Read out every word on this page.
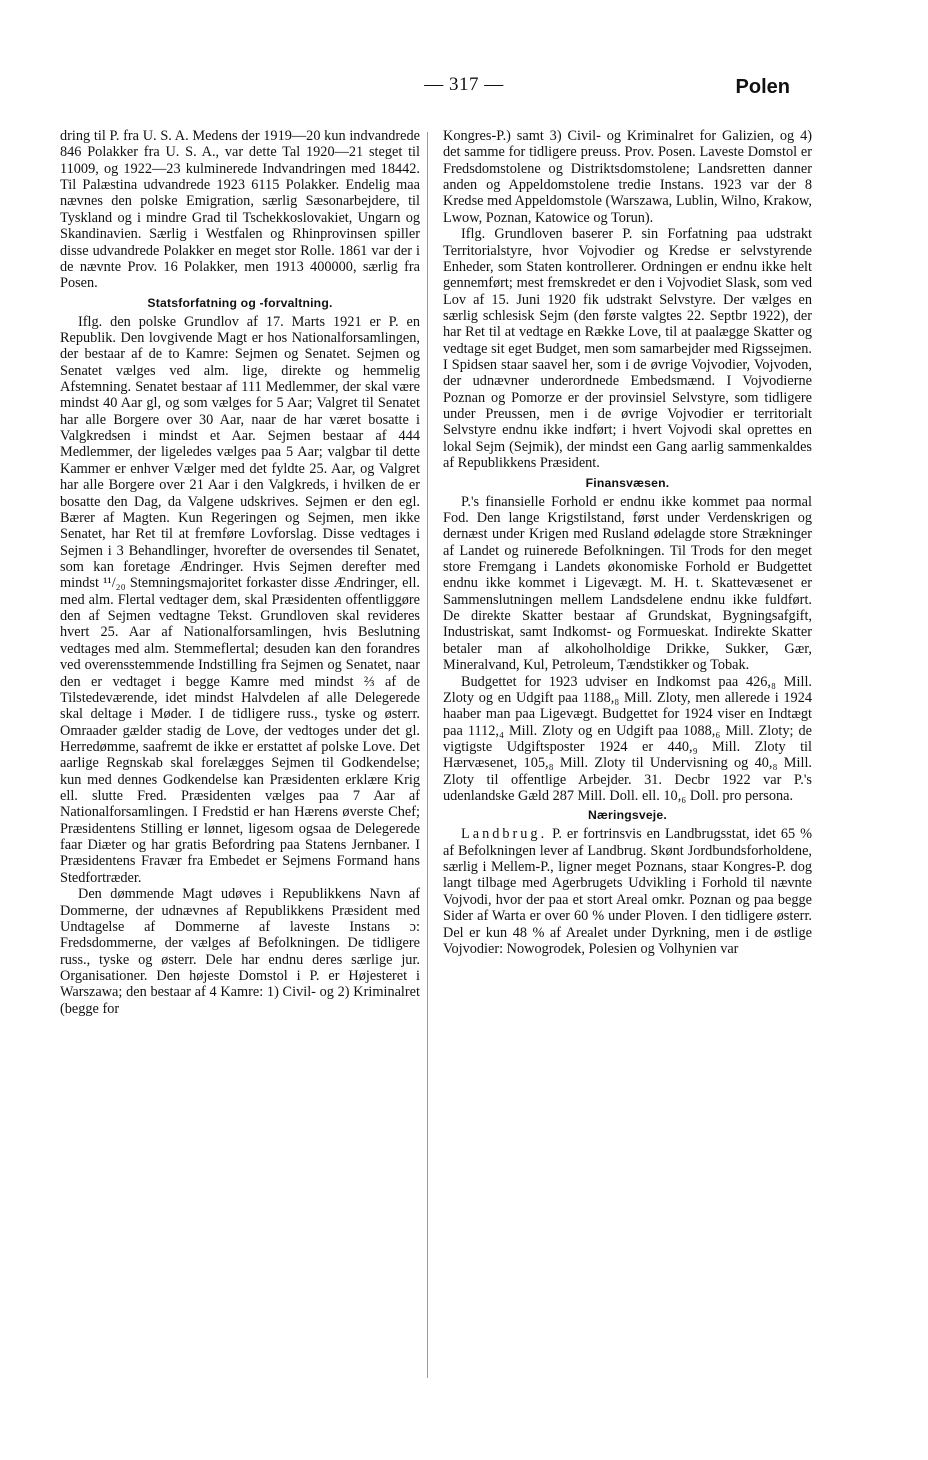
— 317 —	Polen

dring til P. fra U. S. A. Medens der 1919—20 kun indvandrede 846 Polakker fra U. S. A., var dette Tal 1920—21 steget til 11009, og 1922—23 kulminerede Indvandringen med 18442. Til Palæstina udvandrede 1923 6115 Polakker. Endelig maa nævnes den polske Emigration, særlig Sæsonarbejdere, til Tyskland og i mindre Grad til Tschekkoslovakiet, Ungarn og Skandinavien. Særlig i Westfalen og Rhinprovinsen spiller disse udvandrede Polakker en meget stor Rolle. 1861 var der i de nævnte Prov. 16 Polakker, men 1913 400000, særlig fra Posen.

Statsforfatning og -forvaltning.

Iflg. den polske Grundlov af 17. Marts 1921 er P. en Republik. Den lovgivende Magt er hos Nationalforsamlingen, der bestaar af de to Kamre: Sejmen og Senatet. Sejmen og Senatet vælges ved alm. lige, direkte og hemmelig Afstemning. Senatet bestaar af 111 Medlemmer, der skal være mindst 40 Aar gl, og som vælges for 5 Aar; Valgret til Senatet har alle Borgere over 30 Aar, naar de har været bosatte i Valgkredsen i mindst et Aar. Sejmen bestaar af 444 Medlemmer, der ligeledes vælges paa 5 Aar; valgbar til dette Kammer er enhver Vælger med det fyldte 25. Aar, og Valgret har alle Borgere over 21 Aar i den Valgkreds, i hvilken de er bosatte den Dag, da Valgene udskrives. Sejmen er den egl. Bærer af Magten. Kun Regeringen og Sejmen, men ikke Senatet, har Ret til at fremføre Lovforslag. Disse vedtages i Sejmen i 3 Behandlinger, hvorefter de oversendes til Senatet, som kan foretage Ændringer. Hvis Sejmen derefter med mindst ¹¹/₂₀ Stemningsmajoritet forkaster disse Ændringer, ell. med alm. Flertal vedtager dem, skal Præsidenten offentliggøre den af Sejmen vedtagne Tekst. Grundloven skal revideres hvert 25. Aar af Nationalforsamlingen, hvis Beslutning vedtages med alm. Stemmeflertal; desuden kan den forandres ved overensstemmende Indstilling fra Sejmen og Senatet, naar den er vedtaget i begge Kamre med mindst ⅔ af de Tilstedeværende, idet mindst Halvdelen af alle Delegerede skal deltage i Møder. I de tidligere russ., tyske og østerr. Omraader gælder stadig de Love, der vedtoges under det gl. Herredømme, saafremt de ikke er erstattet af polske Love. Det aarlige Regnskab skal forelægges Sejmen til Godkendelse; kun med dennes Godkendelse kan Præsidenten erklære Krig ell. slutte Fred. Præsidenten vælges paa 7 Aar af Nationalforsamlingen. I Fredstid er han Hærens øverste Chef; Præsidentens Stilling er lønnet, ligesom ogsaa de Delegerede faar Diæter og har gratis Befordring paa Statens Jernbaner. I Præsidentens Fravær fra Embedet er Sejmens Formand hans Stedfortræder.

Den dømmende Magt udøves i Republikkens Navn af Dommerne, der udnævnes af Republikkens Præsident med Undtagelse af Dommerne af laveste Instans ɔ: Fredsdommerne, der vælges af Befolkningen. De tidligere russ., tyske og østerr. Dele har endnu deres særlige jur. Organisationer. Den højeste Domstol i P. er Højesteret i Warszawa; den bestaar af 4 Kamre: 1) Civil- og 2) Kriminalret (begge for

Kongres-P.) samt 3) Civil- og Kriminalret for Galizien, og 4) det samme for tidligere preuss. Prov. Posen. Laveste Domstol er Fredsdomstolene og Distriktsdomstolene; Landsretten danner anden og Appeldomstolene tredie Instans. 1923 var der 8 Kredse med Appeldomstole (Warszawa, Lublin, Wilno, Krakow, Lwow, Poznan, Katowice og Torun).

Iflg. Grundloven baserer P. sin Forfatning paa udstrakt Territorialstyre, hvor Vojvodier og Kredse er selvstyrende Enheder, som Staten kontrollerer. Ordningen er endnu ikke helt gennemført; mest fremskredet er den i Vojvodiet Slask, som ved Lov af 15. Juni 1920 fik udstrakt Selvstyre. Der vælges en særlig schlesisk Sejm (den første valgtes 22. Septbr 1922), der har Ret til at vedtage en Række Love, til at paalægge Skatter og vedtage sit eget Budget, men som samarbejder med Rigssejmen. I Spidsen staar saavel her, som i de øvrige Vojvodier, Vojvoden, der udnævner underordnede Embedsmænd. I Vojvodierne Poznan og Pomorze er der provinsiel Selvstyre, som tidligere under Preussen, men i de øvrige Vojvodier er territorialt Selvstyre endnu ikke indført; i hvert Vojvodi skal oprettes en lokal Sejm (Sejmik), der mindst een Gang aarlig sammenkaldes af Republikkens Præsident.

Finansvæsen.

P.'s finansielle Forhold er endnu ikke kommet paa normal Fod. Den lange Krigstilstand, først under Verdenskrigen og dernæst under Krigen med Rusland ødelagde store Strækninger af Landet og ruinerede Befolkningen. Til Trods for den meget store Fremgang i Landets økonomiske Forhold er Budgettet endnu ikke kommet i Ligevægt. M. H. t. Skattevæsenet er Sammenslutningen mellem Landsdelene endnu ikke fuldført. De direkte Skatter bestaar af Grundskat, Bygningsafgift, Industriskat, samt Indkomst- og Formueskat. Indirekte Skatter betaler man af alkoholholdige Drikke, Sukker, Gær, Mineralvand, Kul, Petroleum, Tændstikker og Tobak.

Budgettet for 1923 udviser en Indkomst paa 426,₈ Mill. Zloty og en Udgift paa 1188,₈ Mill. Zloty, men allerede i 1924 haaber man paa Ligevægt. Budgettet for 1924 viser en Indtægt paa 1112,₄ Mill. Zloty og en Udgift paa 1088,₆ Mill. Zloty; de vigtigste Udgiftsposter 1924 er 440,₉ Mill. Zloty til Hærvæsenet, 105,₈ Mill. Zloty til Undervisning og 40,₈ Mill. Zloty til offentlige Arbejder. 31. Decbr 1922 var P.'s udenlandske Gæld 287 Mill. Doll. ell. 10,₆ Doll. pro persona.

Næringsveje.

Landbrug. P. er fortrinsvis en Landbrugsstat, idet 65 % af Befolkningen lever af Landbrug. Skønt Jordbundsforholdene, særlig i Mellem-P., ligner meget Poznans, staar Kongres-P. dog langt tilbage med Agerbrugets Udvikling i Forhold til nævnte Vojvodi, hvor der paa et stort Areal omkr. Poznan og paa begge Sider af Warta er over 60 % under Ploven. I den tidligere østerr. Del er kun 48 % af Arealet under Dyrkning, men i de østlige Vojvodier: Nowogrodek, Polesien og Volhynien var
